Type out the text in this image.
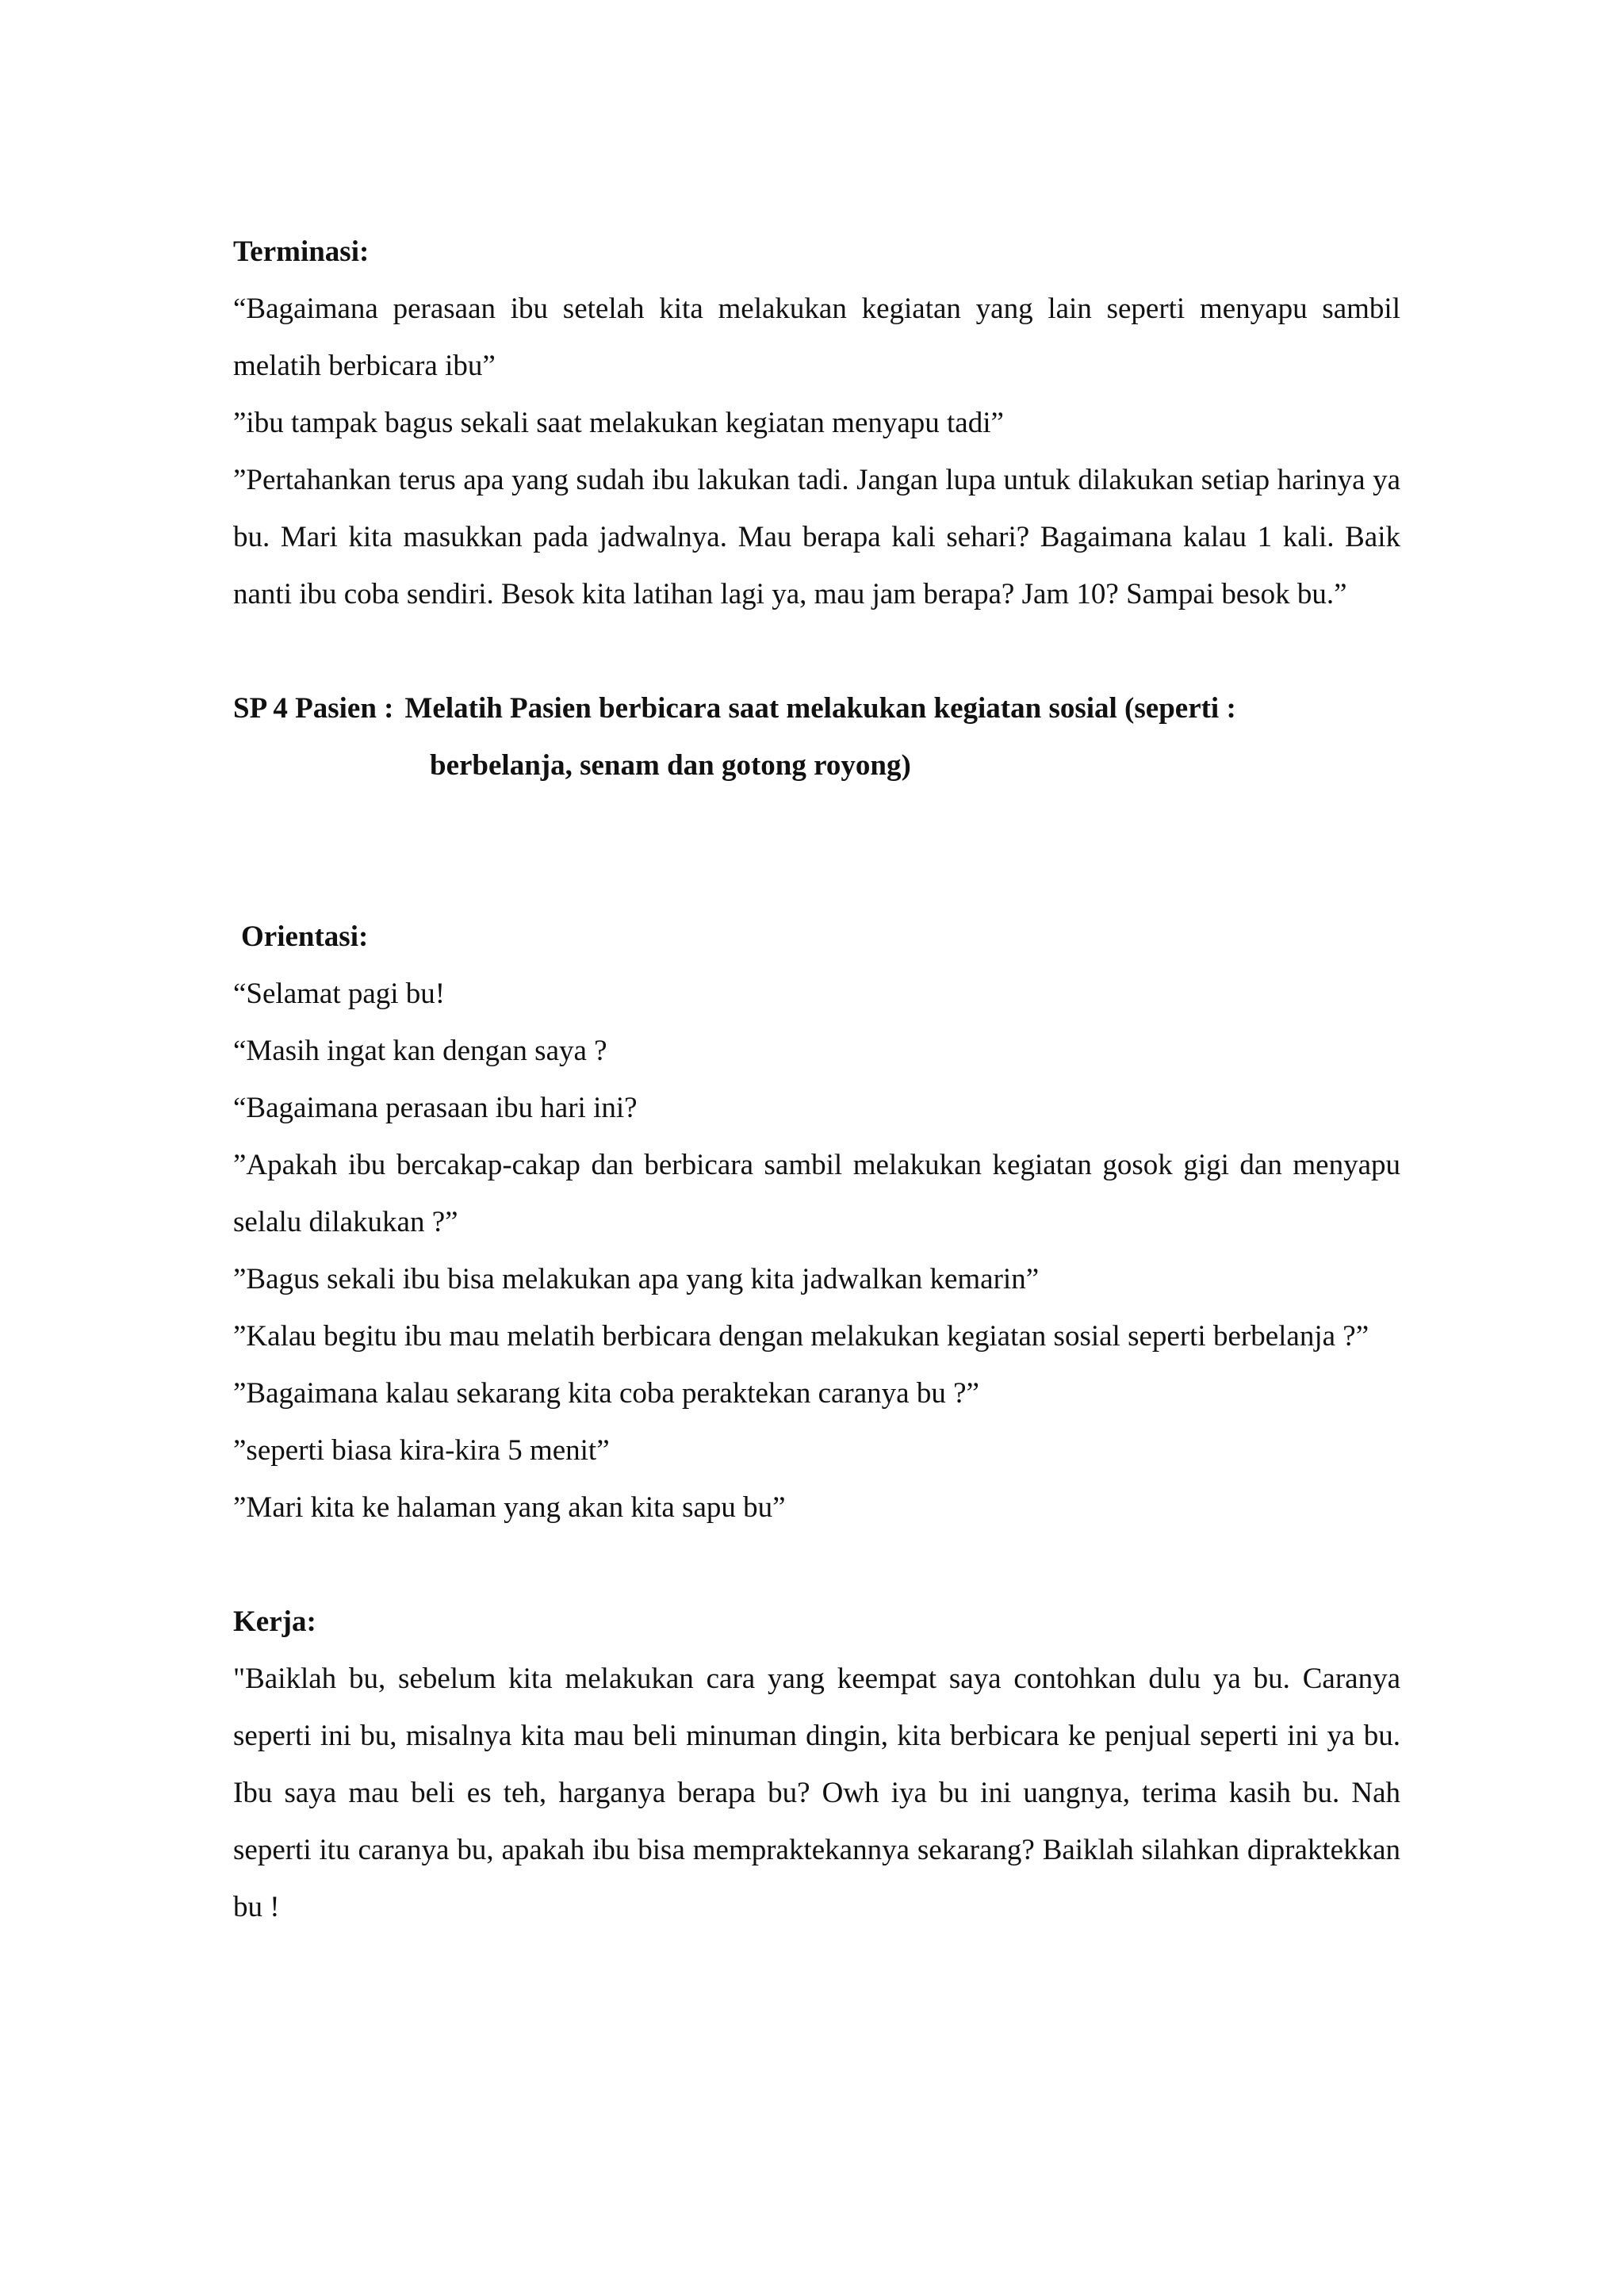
Terminasi:

“Bagaimana perasaan ibu setelah kita melakukan kegiatan yang lain seperti menyapu sambil melatih berbicara ibu”

”ibu tampak bagus sekali saat melakukan kegiatan menyapu tadi”

”Pertahankan terus apa yang sudah ibu lakukan tadi. Jangan lupa untuk dilakukan setiap harinya ya bu. Mari kita masukkan pada jadwalnya. Mau berapa kali sehari? Bagaimana kalau 1 kali. Baik nanti ibu coba sendiri. Besok kita latihan lagi ya, mau jam berapa? Jam 10? Sampai besok bu.”

SP 4 Pasien : Melatih Pasien berbicara saat melakukan kegiatan sosial (seperti :

berbelanja, senam dan gotong royong)

Orientasi:

“Selamat pagi bu!

“Masih ingat kan dengan saya ?

“Bagaimana perasaan ibu hari ini?

”Apakah ibu bercakap-cakap dan berbicara sambil melakukan kegiatan gosok gigi dan menyapu selalu dilakukan ?”

”Bagus sekali ibu bisa melakukan apa yang kita jadwalkan kemarin”

”Kalau begitu ibu mau melatih berbicara dengan melakukan kegiatan sosial seperti berbelanja ?”

”Bagaimana kalau sekarang kita coba peraktekan caranya bu ?”

”seperti biasa kira-kira 5 menit”

”Mari kita ke halaman yang akan kita sapu bu”

Kerja:

"Baiklah bu, sebelum kita melakukan cara yang keempat saya contohkan dulu ya bu. Caranya seperti ini bu, misalnya kita mau beli minuman dingin, kita berbicara ke penjual seperti ini ya bu. Ibu saya mau beli es teh, harganya berapa bu? Owh iya bu ini uangnya, terima kasih bu. Nah seperti itu caranya bu, apakah ibu bisa mempraktekannya sekarang? Baiklah silahkan dipraktekkan bu !
